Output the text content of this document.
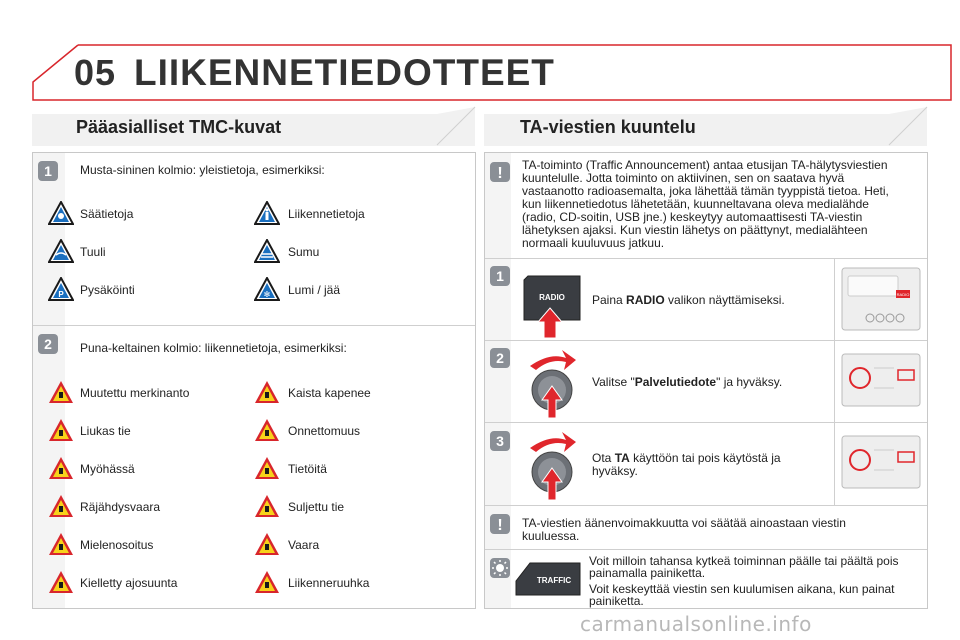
05 LIIKENNETIEDOTTEET
Pääasialliset TMC-kuvat	TA-viestien kuuntelu
1 Musta-sininen kolmio: yleistietoja, esimerkiksi:
Säätietoja	Liikennetietoja
Tuuli	Sumu
P Pysäköinti	✻ Lumi / jää
2 Puna-keltainen kolmio: liikennetietoja, esimerkiksi:
Muutettu merkinanto	Kaista kapenee
Liukas tie	Onnettomuus
Myöhässä	Tietöitä
Räjähdysvaara	Suljettu tie
Mielenosoitus	Vaara
Kielletty ajosuunta	Liikenneruuhka
! TA-toiminto (Traffic Announcement) antaa etusijan TA-hälytysviestien
kuuntelulle. Jotta toiminto on aktiivinen, sen on saatava hyvä
vastaanotto radioasemalta, joka lähettää tämän tyyppistä tietoa. Heti,
kun liikennetiedotus lähetetään, kuunneltavana oleva medialähde
(radio, CD-soitin, USB jne.) keskeytyy automaattisesti TA-viestin
lähetyksen ajaksi. Kun viestin lähetys on päättynyt, medialähteen
normaali kuuluvuus jatkuu.
1
RADIO Paina RADIO valikon näyttämiseksi.	RADIO
2
Valitse "Palvelutiedote" ja hyväksy.
3
Ota TA käyttöön tai pois käytöstä ja
hyväksy.
! TA-viestien äänenvoimakkuutta voi säätää ainoastaan viestin
kuuluessa.
TRAFFIC
Voit milloin tahansa kytkeä toiminnan päälle tai päältä pois
painamalla painiketta.
Voit keskeyttää viestin sen kuulumisen aikana, kun painat
painiketta.
carmanualsonline.info
